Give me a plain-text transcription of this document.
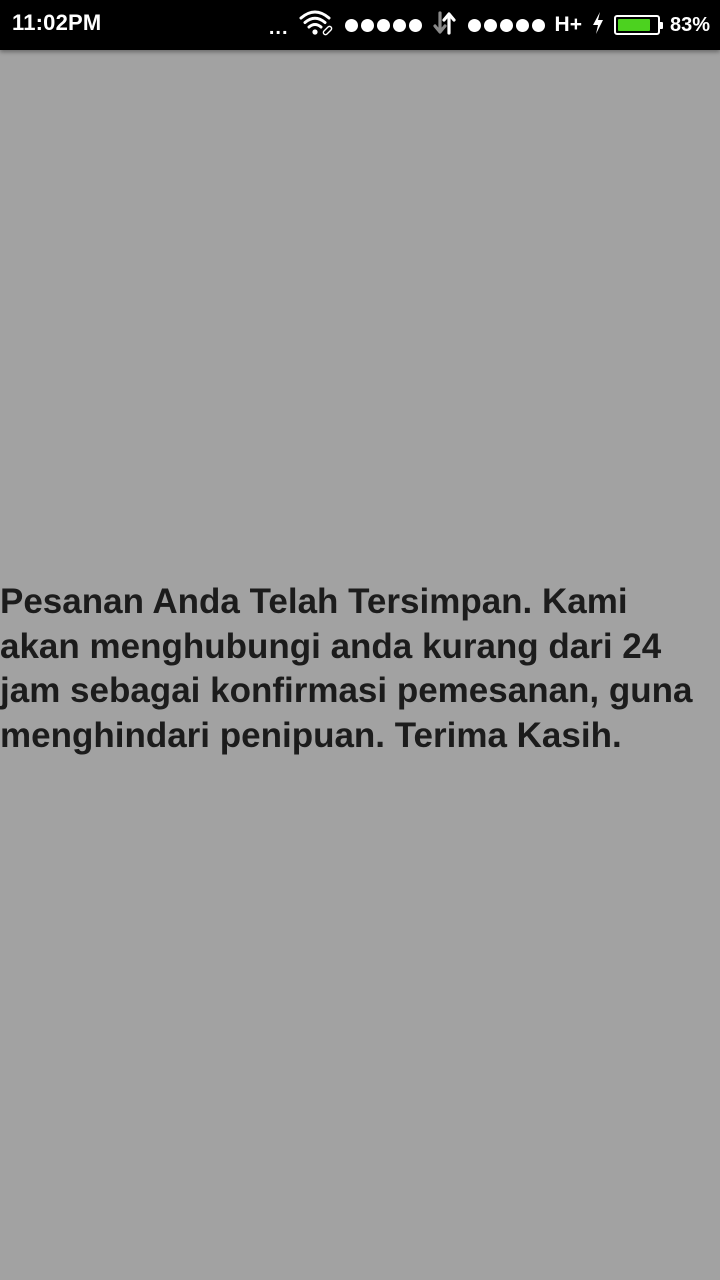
11:02PM	...	H+	83%

Pesanan Anda Telah Tersimpan. Kami akan menghubungi anda kurang dari 24 jam sebagai konfirmasi pemesanan, guna menghindari penipuan. Terima Kasih.
